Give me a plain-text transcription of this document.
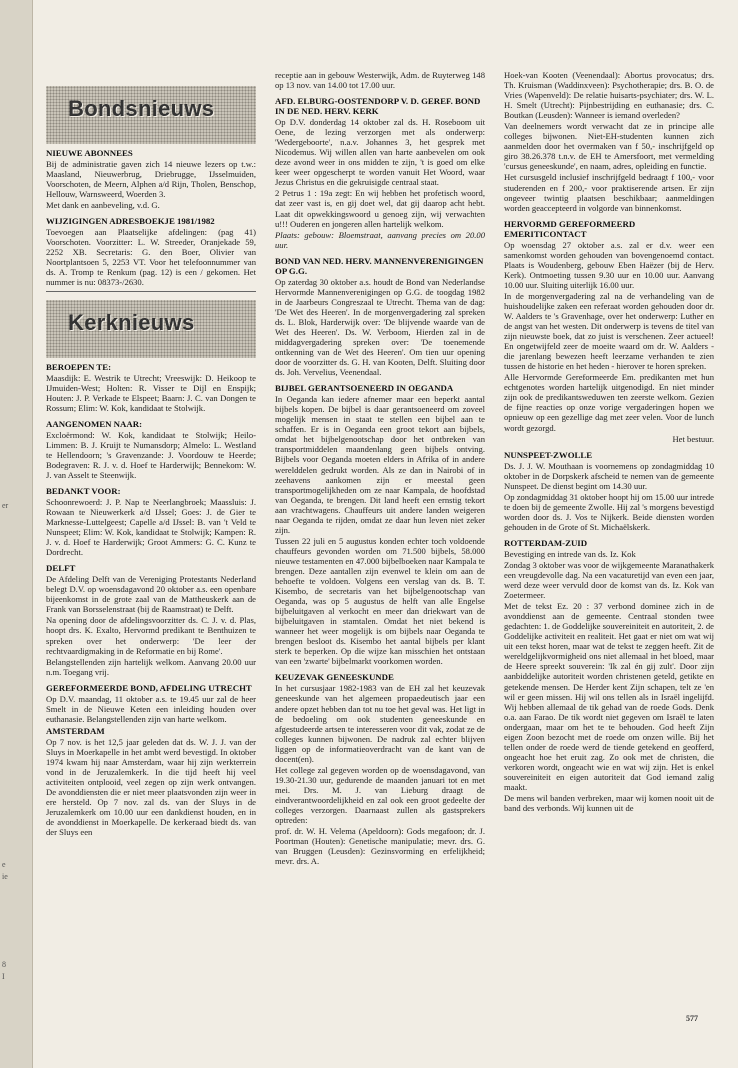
er
e
ie
8
I
Bondsnieuws
NIEUWE ABONNEES

Bij de administratie gaven zich 14 nieuwe lezers op t.w.: Maasland, Nieuwerbrug, Driebrugge, IJsselmuiden, Voorschoten, de Meern, Alphen a/d Rijn, Tholen, Benschop, Hellouw, Warnsweerd, Woerden 3.

Met dank en aanbeveling, v.d. G.

WIJZIGINGEN ADRESBOEKJE 1981/1982

Toevoegen aan Plaatselijke afdelingen: (pag 41) Voorschoten. Voorzitter: L. W. Streeder, Oranjekade 59, 2252 XB. Secretaris: G. den Boer, Olivier van Noortplantsoen 5, 2253 VT. Voor het telefoonnummer van ds. A. Tromp te Renkum (pag. 12) is een / gekomen. Het nummer is nu: 08373-/2630.

Kerknieuws
BEROEPEN TE:

Maasdijk: E. Westrik te Utrecht; Vreeswijk: D. Heikoop te IJmuiden-West; Holten: R. Visser te Dijl en Enspijk; Houten: J. P. Verkade te Elspeet; Baarn: J. C. van Dongen te Rossum; Elim: W. Kok, kandidaat te Stolwijk.

AANGENOMEN NAAR:

Excloërmond: W. Kok, kandidaat te Stolwijk; Heilo-Limmen: B. J. Kruijt te Numansdorp; Almelo: L. Westland te Hellendoorn; 's Gravenzande: J. Voordouw te Heerde; Bodegraven: R. J. v. d. Hoef te Harderwijk; Bennekom: W. J. van Asselt te Steenwijk.

BEDANKT VOOR:

Schoonrewoerd: J. P. Nap te Neerlangbroek; Maassluis: J. Rowaan te Nieuwerkerk a/d IJssel; Goes: J. de Gier te Marknesse-Luttelgeest; Capelle a/d IJssel: B. van 't Veld te Nunspeet; Elim: W. Kok, kandidaat te Stolwijk; Kampen: R. J. v. d. Hoef te Harderwijk; Groot Ammers: G. C. Kunz te Dordrecht.

DELFT

De Afdeling Delft van de Vereniging Protestants Nederland belegt D.V. op woensdagavond 20 oktober a.s. een openbare bijeenkomst in de grote zaal van de Mattheuskerk aan de Frank van Borsselenstraat (bij de Raamstraat) te Delft.

Na opening door de afdelingsvoorzitter ds. C. J. v. d. Plas, hoopt drs. K. Exalto, Hervormd predikant te Benthuizen te spreken over het onderwerp: 'De leer der rechtvaardigmaking in de Reformatie en bij Rome'.

Belangstellenden zijn hartelijk welkom. Aanvang 20.00 uur n.m. Toegang vrij.

GEREFORMEERDE BOND, AFDELING UTRECHT

Op D.V. maandag, 11 oktober a.s. te 19.45 uur zal de heer Smelt in de Nieuwe Keten een inleiding houden over euthanasie. Belangstellenden zijn van harte welkom.

AMSTERDAM

Op 7 nov. is het 12,5 jaar geleden dat ds. W. J. J. van der Sluys in Moerkapelle in het ambt werd bevestigd. In oktober 1974 kwam hij naar Amsterdam, waar hij zijn werkterrein vond in de Jeruzalemkerk. In die tijd heeft hij veel activiteiten ontplooid, veel zegen op zijn werk ontvangen. De avonddiensten die er niet meer plaatsvonden zijn weer in ere hersteld. Op 7 nov. zal ds. van der Sluys in de Jeruzalemkerk om 10.00 uur een dankdienst houden, en in de avonddienst in Moerkapelle. De kerkeraad biedt ds. van der Sluys een

receptie aan in gebouw Westerwijk, Adm. de Ruyterweg 148 op 13 nov. van 14.00 tot 17.00 uur.

AFD. ELBURG-OOSTENDORP V. D. GEREF. BOND IN DE NED. HERV. KERK

Op D.V. donderdag 14 oktober zal ds. H. Roseboom uit Oene, de lezing verzorgen met als onderwerp: 'Wedergeboorte', n.a.v. Johannes 3, het gesprek met Nicodemus. Wij willen allen van harte aanbevelen om ook deze avond weer in ons midden te zijn, 't is goed om elke keer weer opgescherpt te worden vanuit Het Woord, waar Jezus Christus en die gekruisigde centraal staat.

2 Petrus 1 : 19a zegt: En wij hebben het profetisch woord, dat zeer vast is, en gij doet wel, dat gij daarop acht hebt. Laat dit opwekkingswoord u genoeg zijn, wij verwachten u!!! Ouderen en jongeren allen hartelijk welkom.

Plaats: gebouw: Bloemstraat, aanvang precies om 20.00 uur.

BOND VAN NED. HERV. MANNENVERENIGINGEN OP G.G.

Op zaterdag 30 oktober a.s. houdt de Bond van Nederlandse Hervormde Mannenverenigingen op G.G. de toogdag 1982 in de Jaarbeurs Congreszaal te Utrecht. Thema van de dag: 'De Wet des Heeren'. In de morgenvergadering zal spreken ds. L. Blok, Harderwijk over: 'De blijvende waarde van de Wet des Heeren'. Ds. W. Verboom, Hierden zal in de middagvergadering spreken over: 'De toenemende ontkenning van de Wet des Heeren'. Om tien uur opening door de voorzitter ds. G. H. van Kooten, Delft. Sluiting door ds. Joh. Vervelius, Veenendaal.

BIJBEL GERANTSOENEERD IN OEGANDA

In Oeganda kan iedere afnemer maar een beperkt aantal bijbels kopen. De bijbel is daar gerantsoeneerd om zoveel mogelijk mensen in staat te stellen een bijbel aan te schaffen. Er is in Oeganda een groot tekort aan bijbels, omdat het bijbelgenootschap door het ontbreken van transportmiddelen maandenlang geen bijbels ontving. Bijbels voor Oeganda moeten elders in Afrika of in andere werelddelen gedrukt worden. Als ze dan in Nairobi of in zeehavens aankomen zijn er meestal geen transportmogelijkheden om ze naar Kampala, de hoofdstad van Oeganda, te brengen. Dit land heeft een ernstig tekort aan vrachtwagens. Chauffeurs uit andere landen weigeren naar Oeganda te rijden, omdat ze daar hun leven niet zeker zijn.

Tussen 22 juli en 5 augustus konden echter toch voldoende chauffeurs gevonden worden om 71.500 bijbels, 58.000 nieuwe testamenten en 47.000 bijbelboeken naar Kampala te brengen. Deze aantallen zijn evenwel te klein om aan de behoefte te voldoen. Volgens een verslag van ds. B. T. Kisembo, de secretaris van het bijbelgenootschap van Oeganda, was op 5 augustus de helft van alle Engelse bijbeluitgaven al verkocht en meer dan driekwart van de bijbeluitgaven in stamtalen. Omdat het niet bekend is wanneer het weer mogelijk is om bijbels naar Oeganda te brengen besloot ds. Kisembo het aantal bijbels per klant sterk te beperken. Op die wijze kan misschien het ontstaan van een 'zwarte' bijbelmarkt voorkomen worden.

KEUZEVAK GENEESKUNDE

In het cursusjaar 1982-1983 van de EH zal het keuzevak geneeskunde van het algemeen propaedeutisch jaar een andere opzet hebben dan tot nu toe het geval was. Het ligt in de bedoeling om ook studenten geneeskunde en afgestudeerde artsen te interesseren voor dit vak, zodat ze de colleges kunnen bijwonen. De nadruk zal echter blijven liggen op de informatieoverdracht van de kant van de docent(en).

Het college zal gegeven worden op de woensdagavond, van 19.30-21.30 uur, gedurende de maanden januari tot en met mei. Drs. M. J. van Lieburg draagt de eindverantwoordelijkheid en zal ook een groot gedeelte der colleges verzorgen. Daarnaast zullen als gastsprekers optreden:

prof. dr. W. H. Velema (Apeldoorn): Gods megafoon; dr. J. Poortman (Houten): Genetische manipulatie; mevr. drs. G. van Bruggen (Leusden): Gezinsvorming en erfelijkheid; mevr. drs. A.

Hoek-van Kooten (Veenendaal): Abortus provocatus; drs. Th. Kruisman (Waddinxveen): Psychotherapie; drs. B. O. de Vries (Wapenveld): De relatie huisarts-psychiater; drs. W. L. H. Smelt (Utrecht): Pijnbestrijding en euthanasie; drs. C. Boutkan (Leusden): Wanneer is iemand overleden?

Van deelnemers wordt verwacht dat ze in principe alle colleges bijwonen. Niet-EH-studenten kunnen zich aanmelden door het overmaken van f 50,- inschrijfgeld op giro 38.26.378 t.n.v. de EH te Amersfoort, met vermelding 'cursus geneeskunde', en naam, adres, opleiding en functie.

Het cursusgeld inclusief inschrijfgeld bedraagt f 100,- voor studerenden en f 200,- voor praktiserende artsen. Er zijn ongeveer twintig plaatsen beschikbaar; aanmeldingen worden geaccepteerd in volgorde van binnenkomst.

HERVORMD GEREFORMEERD EMERITICONTACT

Op woensdag 27 oktober a.s. zal er d.v. weer een samenkomst worden gehouden van bovengenoemd contact. Plaats is Woudenberg, gebouw Eben Haëzer (bij de Herv. Kerk). Ontmoeting tussen 9.30 uur en 10.00 uur. Aanvang 10.00 uur. Sluiting uiterlijk 16.00 uur.

In de morgenvergadering zal na de verhandeling van de huishoudelijke zaken een referaat worden gehouden door dr. W. Aalders te 's Gravenhage, over het onderwerp: Luther en de angst van het westen. Dit onderwerp is tevens de titel van zijn nieuwste boek, dat zo juist is verschenen. Zeer actueel! En ongetwijfeld zeer de moeite waard om dr. W. Aalders - die jarenlang bewezen heeft leerzame verhanden te zien tussen de historie en het heden - hierover te horen spreken.

Alle Hervormde Gereformeerde Em. predikanten met hun echtgenotes worden hartelijk uitgenodigd. En niet minder zijn ook de predikantsweduwen ten zeerste welkom. Gezien de fijne reacties op onze vorige vergaderingen hopen we opnieuw op een gezellige dag met zeer velen. Voor de lunch wordt gezorgd.

Het bestuur.

NUNSPEET-ZWOLLE

Ds. J. J. W. Mouthaan is voornemens op zondagmiddag 10 oktober in de Dorpskerk afscheid te nemen van de gemeente Nunspeet. De dienst begint om 14.30 uur.

Op zondagmiddag 31 oktober hoopt hij om 15.00 uur intrede te doen bij de gemeente Zwolle. Hij zal 's morgens bevestigd worden door ds. J. Vos te Nijkerk. Beide diensten worden gehouden in de Grote of St. Michaëlskerk.

ROTTERDAM-ZUID

Bevestiging en intrede van ds. Iz. Kok

Zondag 3 oktober was voor de wijkgemeente Maranathakerk een vreugdevolle dag. Na een vacaturetijd van even een jaar, werd deze weer vervuld door de komst van ds. Iz. Kok van Zoetermeer.

Met de tekst Ez. 20 : 37 verbond dominee zich in de avonddienst aan de gemeente. Centraal stonden twee gedachten: 1. de Goddelijke souvereiniteit en autoriteit, 2. de Goddelijke activiteit en realiteit. Het gaat er niet om wat wij uit een tekst horen, maar wat de tekst te zeggen heeft. Zit de wereldgelijkvormigheid ons niet allemaal in het bloed, maar de Heere spreekt souverein: 'Ik zal én gij zult'. Door zijn aanbiddelijke autoriteit worden christenen geteld, getikte en getekende mensen. De Herder kent Zijn schapen, telt ze 'en wil er geen missen. Hij wil ons tellen als in Israël ingelijfd. Wij hebben allemaal de tik gehad van de roede Gods. Denk o.a. aan Farao. De tik wordt niet gegeven om Israël te laten ondergaan, maar om het te te behouden. God heeft Zijn eigen Zoon bezocht met de roede om onzen wille. Bij het tellen onder de roede werd de tiende getekend en geofferd, ongeacht hoe het eruit zag. Zo ook met de christen, die verkoren wordt, ongeacht wie en wat wij zijn. Het is enkel souvereiniteit en eigen autoriteit dat God iemand zalig maakt.

De mens wil banden verbreken, maar wij komen nooit uit de band des verbonds. Wij kunnen uit de

577
